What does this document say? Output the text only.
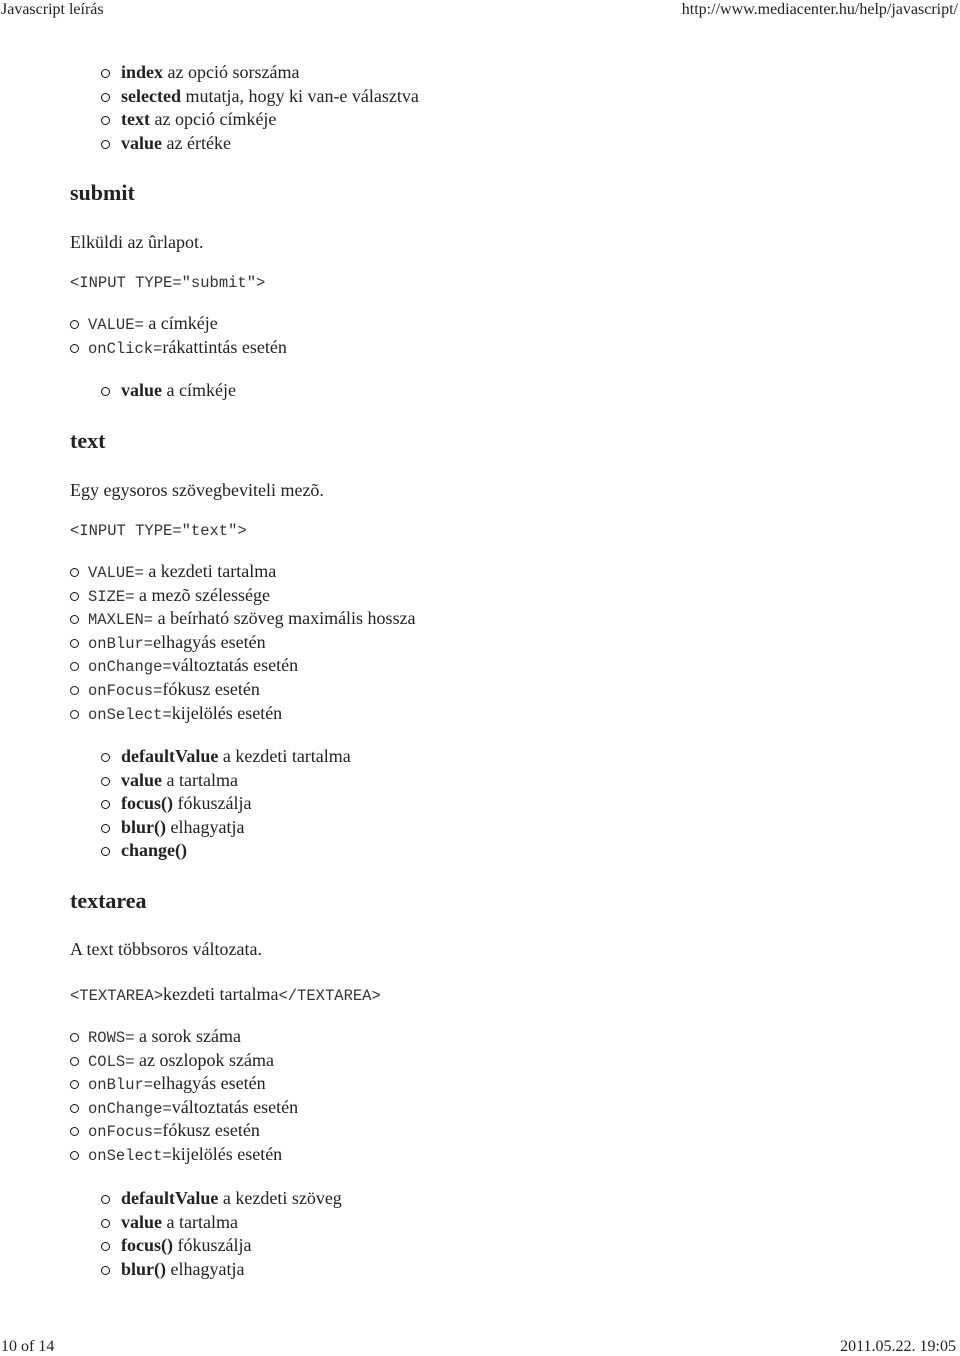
Javascript leírás	http://www.mediacenter.hu/help/javascript/
index az opció sorszáma
selected mutatja, hogy ki van-e választva
text az opció címkéje
value az értéke
submit
Elküldi az ûrlapot.
<INPUT TYPE="submit">
VALUE= a címkéje
onClick=rákattintás esetén
value a címkéje
text
Egy egysoros szövegbeviteli mezõ.
<INPUT TYPE="text">
VALUE= a kezdeti tartalma
SIZE= a mezõ szélessége
MAXLEN= a beírható szöveg maximális hossza
onBlur=elhagyás esetén
onChange=változtatás esetén
onFocus=fókusz esetén
onSelect=kijelölés esetén
defaultValue a kezdeti tartalma
value a tartalma
focus() fókuszálja
blur() elhagyatja
change()
textarea
A text többsoros változata.
<TEXTAREA>kezdeti tartalma</TEXTAREA>
ROWS= a sorok száma
COLS= az oszlopok száma
onBlur=elhagyás esetén
onChange=változtatás esetén
onFocus=fókusz esetén
onSelect=kijelölés esetén
defaultValue a kezdeti szöveg
value a tartalma
focus() fókuszálja
blur() elhagyatja
10 of 14	2011.05.22. 19:05
